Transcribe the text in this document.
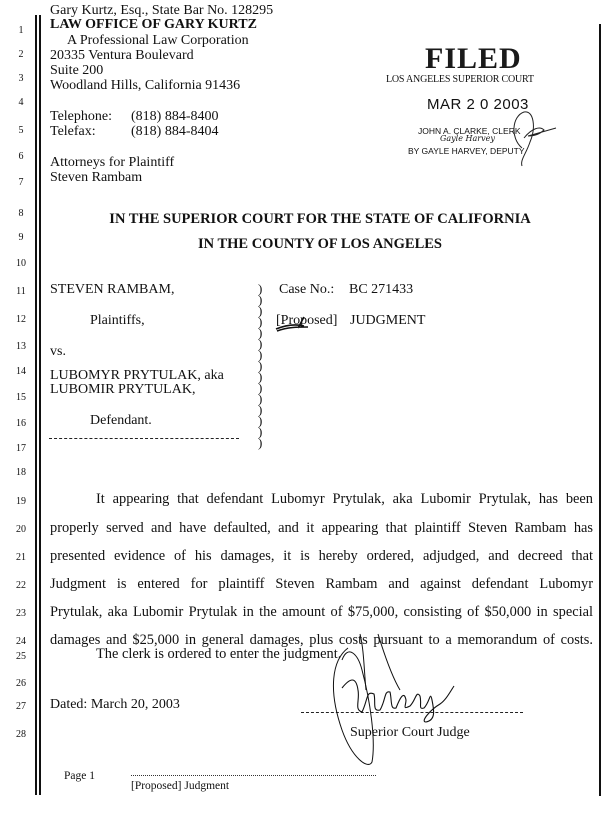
1
2
3
4
5
6
7
8
9
10
11
12
13
14
15
16
17
18
19
20
21
22
23
24
25
26
27
28
Gary Kurtz, Esq., State Bar No. 128295
LAW OFFICE OF GARY KURTZ
A Professional Law Corporation
20335 Ventura Boulevard
Suite 200
Woodland Hills, California 91436
Telephone: (818) 884-8400
Telefax:	(818) 884-8404
Attorneys for Plaintiff
Steven Rambam
FILED
LOS ANGELES SUPERIOR COURT
MAR 2 0 2003
JOHN A. CLARKE, CLERK
Gayle Harvey
BY GAYLE HARVEY, DEPUTY
IN THE SUPERIOR COURT FOR THE STATE OF CALIFORNIA
IN THE COUNTY OF LOS ANGELES
STEVEN RAMBAM,
Plaintiffs,
vs.
LUBOMYR PRYTULAK, aka
LUBOMIR PRYTULAK,
Defendant.
)
)
)
)
)
)
)
)
)
)
)
)
)
)
)
Case No.: BC 271433
[Proposed] JUDGMENT
It appearing that defendant Lubomyr Prytulak, aka Lubomir Prytulak, has been
properly served and have defaulted, and it appearing that plaintiff Steven Rambam has
presented evidence of his damages, it is hereby ordered, adjudged, and decreed that
Judgment is entered for plaintiff Steven Rambam and against defendant Lubomyr
Prytulak, aka Lubomir Prytulak in the amount of $75,000, consisting of $50,000 in special
damages and $25,000 in general damages, plus costs pursuant to a memorandum of costs.
The clerk is ordered to enter the judgment.
Dated: March 20, 2003
Superior Court Judge
Page 1
[Proposed] Judgment
